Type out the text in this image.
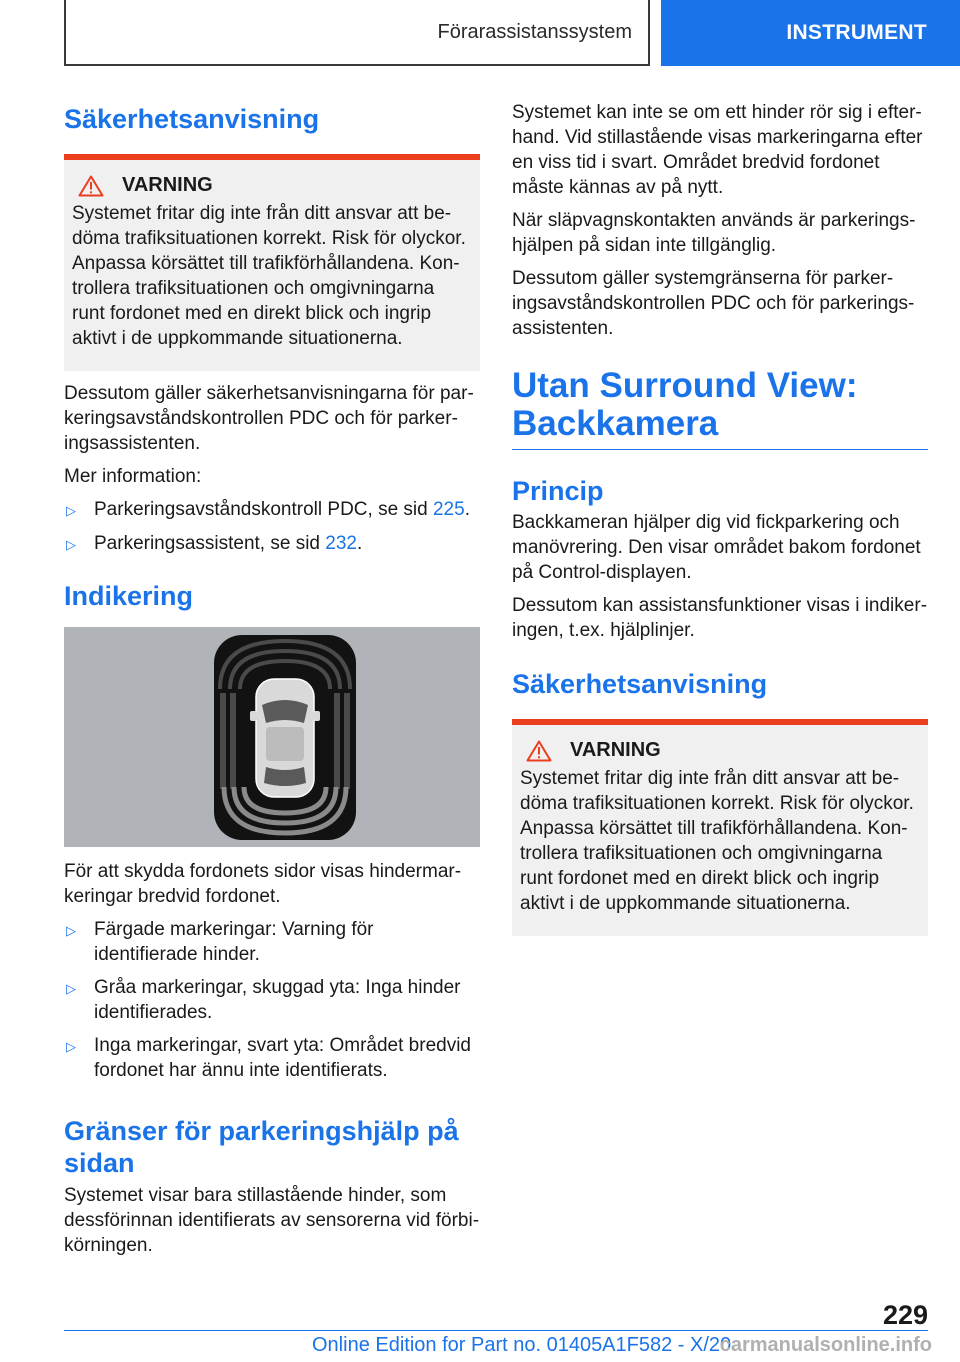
Förarassistanssystem	INSTRUMENT
Säkerhetsanvisning
VARNING

Systemet fritar dig inte från ditt ansvar att bedöma trafiksituationen korrekt. Risk för olyckor. Anpassa körsättet till trafikförhållandena. Kontrollera trafiksituationen och omgivningarna runt fordonet med en direkt blick och ingrip aktivt i de uppkommande situationerna.

Dessutom gäller säkerhetsanvisningarna för parkeringsavståndskontrollen PDC och för parkeringsassistenten.

Mer information:

▷ Parkeringsavståndskontroll PDC, se sid 225.
▷ Parkeringsassistent, se sid 232.
Indikering

För att skydda fordonets sidor visas hindermarkeringar bredvid fordonet.

▷ Färgade markeringar: Varning för identifierade hinder.
▷ Gråa markeringar, skuggad yta: Inga hinder identifierades.
▷ Inga markeringar, svart yta: Området bredvid fordonet har ännu inte identifierats.
Gränser för parkeringshjälp på sidan

Systemet visar bara stillastående hinder, som dessförinnan identifierats av sensorerna vid förbikörningen.

Systemet kan inte se om ett hinder rör sig i efterhand. Vid stillastående visas markeringarna efter en viss tid i svart. Området bredvid fordonet måste kännas av på nytt.

När släpvagnskontakten används är parkeringshjälpen på sidan inte tillgänglig.

Dessutom gäller systemgränserna för parkeringsavståndskontrollen PDC och för parkeringsassistenten.

Utan Surround View: Backkamera
Princip

Backkameran hjälper dig vid fickparkering och manövrering. Den visar området bakom fordonet på Control-displayen.

Dessutom kan assistansfunktioner visas i indikeringen, t.ex. hjälplinjer.

Säkerhetsanvisning
VARNING

Systemet fritar dig inte från ditt ansvar att bedöma trafiksituationen korrekt. Risk för olyckor. Anpassa körsättet till trafikförhållandena. Kontrollera trafiksituationen och omgivningarna runt fordonet med en direkt blick och ingrip aktivt i de uppkommande situationerna.

229
Online Edition for Part no. 01405A1F582 - X/20
carmanualsonline.info
